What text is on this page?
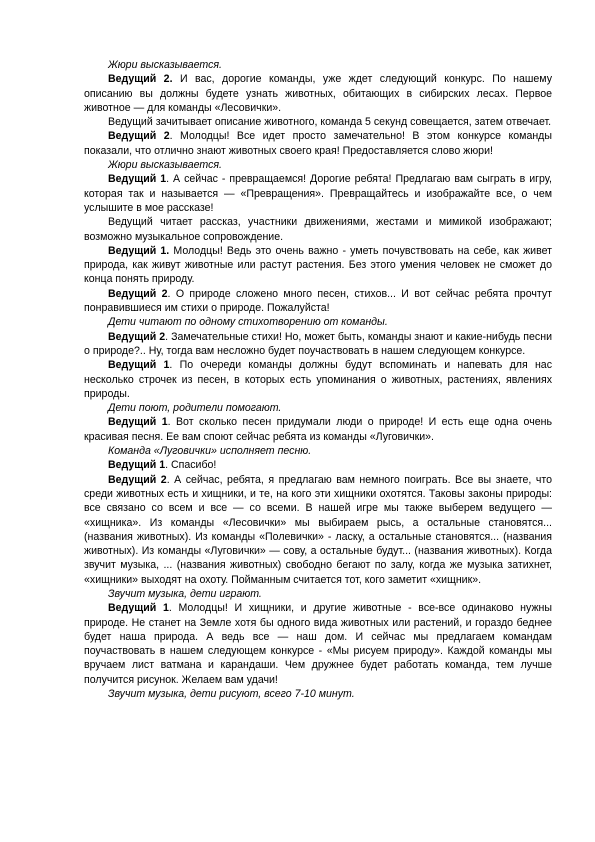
Жюри высказывается.

Ведущий 2. И вас, дорогие команды, уже ждет следующий конкурс. По нашему описанию вы должны будете узнать животных, обитающих в сибирских лесах. Первое животное — для команды «Лесовички».

Ведущий зачитывает описание животного, команда 5 секунд совещается, затем отвечает.

Ведущий 2. Молодцы! Все идет просто замечательно! В этом конкурсе команды показали, что отлично знают животных своего края! Предоставляется слово жюри!

Жюри высказывается.

Ведущий 1. А сейчас - превращаемся! Дорогие ребята! Предлагаю вам сыграть в игру, которая так и называется — «Превращения». Превращайтесь и изображайте все, о чем услышите в мое рассказе!

Ведущий читает рассказ, участники движениями, жестами и мимикой изображают; возможно музыкальное сопровождение.

Ведущий 1. Молодцы! Ведь это очень важно - уметь почувствовать на себе, как живет природа, как живут животные или растут растения. Без этого умения человек не сможет до конца понять природу.

Ведущий 2. О природе сложено много песен, стихов... И вот сейчас ребята прочтут понравившиеся им стихи о природе. Пожалуйста!

Дети читают по одному стихотворению от команды.

Ведущий 2. Замечательные стихи! Но, может быть, команды знают и какие-нибудь песни о природе?.. Ну, тогда вам несложно будет поучаствовать в нашем следующем конкурсе.

Ведущий 1. По очереди команды должны будут вспоминать и напевать для нас несколько строчек из песен, в которых есть упоминания о животных, растениях, явлениях природы.

Дети поют, родители помогают.

Ведущий 1. Вот сколько песен придумали люди о природе! И есть еще одна очень красивая песня. Ее вам споют сейчас ребята из команды «Луговички».

Команда «Луговички» исполняет песню.

Ведущий 1. Спасибо!

Ведущий 2. А сейчас, ребята, я предлагаю вам немного поиграть. Все вы знаете, что среди животных есть и хищники, и те, на кого эти хищники охотятся. Таковы законы природы: все связано со всем и все — со всеми. В нашей игре мы также выберем ведущего — «хищника». Из команды «Лесовички» мы выбираем рысь, а остальные становятся... (названия животных). Из команды «Полевички» - ласку, а остальные становятся... (названия животных). Из команды «Луговички» — сову, а остальные будут... (названия животных). Когда звучит музыка, ... (названия животных) свободно бегают по залу, когда же музыка затихнет, «хищники» выходят на охоту. Пойманным считается тот, кого заметит «хищник».

Звучит музыка, дети играют.

Ведущий 1. Молодцы! И хищники, и другие животные - все-все одинаково нужны природе. Не станет на Земле хотя бы одного вида животных или растений, и гораздо беднее будет наша природа. А ведь все — наш дом. И сейчас мы предлагаем командам поучаствовать в нашем следующем конкурсе - «Мы рисуем природу». Каждой команды мы вручаем лист ватмана и карандаши. Чем дружнее будет работать команда, тем лучше получится рисунок. Желаем вам удачи!

Звучит музыка, дети рисуют, всего 7-10 минут.
